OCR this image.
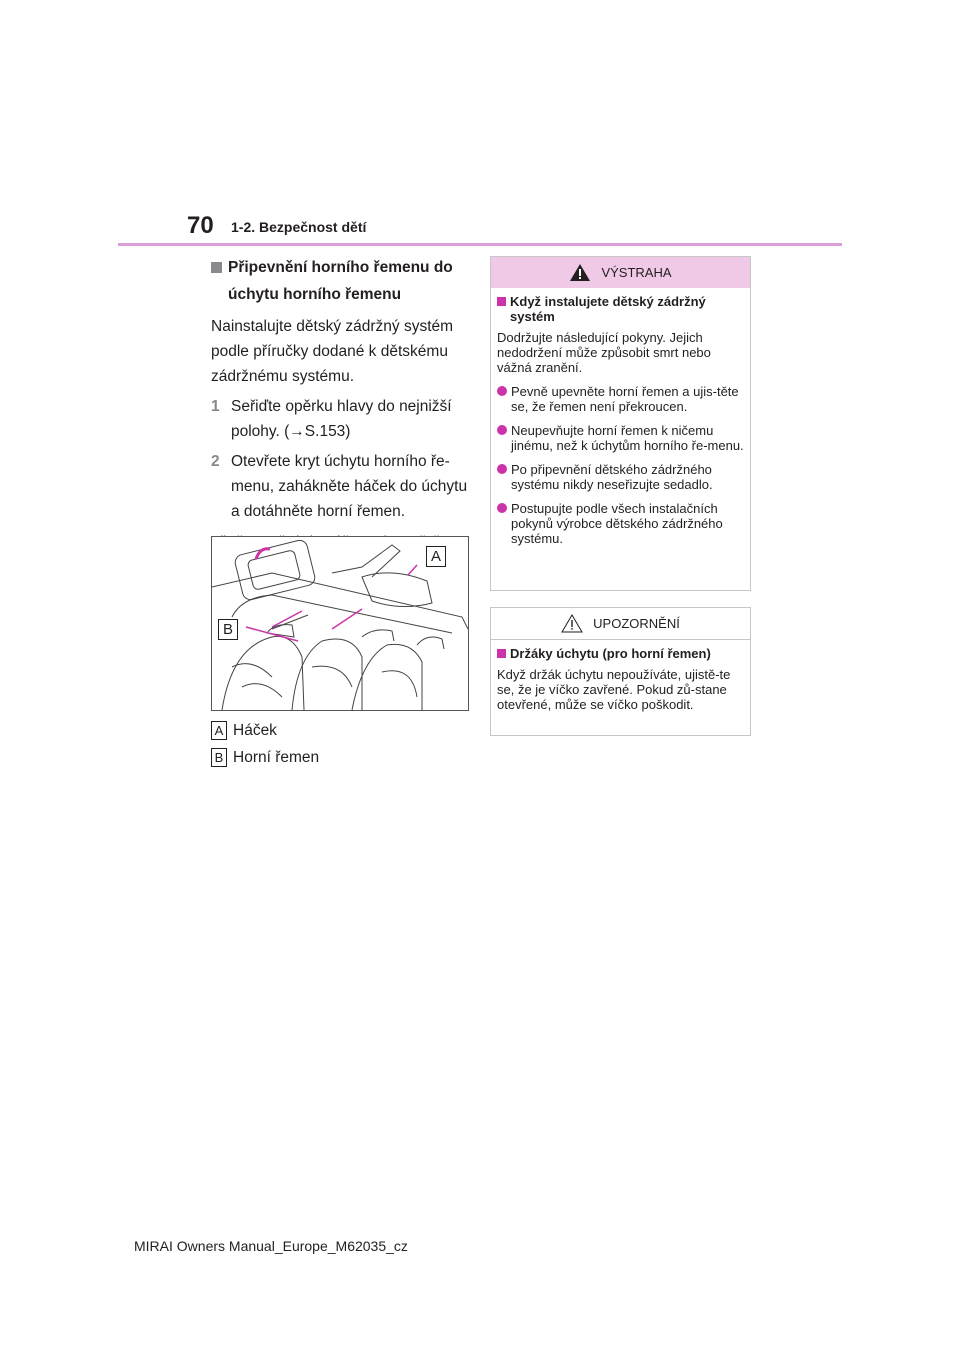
70 1-2. Bezpečnost dětí
Připevnění horního řemenu do
úchytu horního řemenu
Nainstalujte dětský zádržný systém podle příručky dodané k dětskému zádržnému systému.
1 Seřiďte opěrku hlavy do nejnižší polohy. (→S.153)
2 Otevřete kryt úchytu horního ře-menu, zahákněte háček do úchytu a dotáhněte horní řemen.
A
B
A Háček
B Horní řemen
VÝSTRAHA
Když instalujete dětský zádržný systém
Dodržujte následující pokyny. Jejich nedodržení může způsobit smrt nebo vážná zranění.
Pevně upevněte horní řemen a ujis-těte se, že řemen není překroucen.
Neupevňujte horní řemen k ničemu jinému, než k úchytům horního ře-menu.
Po připevnění dětského zádržného systému nikdy neseřizujte sedadlo.
Postupujte podle všech instalačních pokynů výrobce dětského zádržného systému.
UPOZORNĚNÍ
Držáky úchytu (pro horní řemen)
Když držák úchytu nepoužíváte, ujistě-te se, že je víčko zavřené. Pokud zů-stane otevřené, může se víčko poškodit.
MIRAI Owners Manual_Europe_M62035_cz
